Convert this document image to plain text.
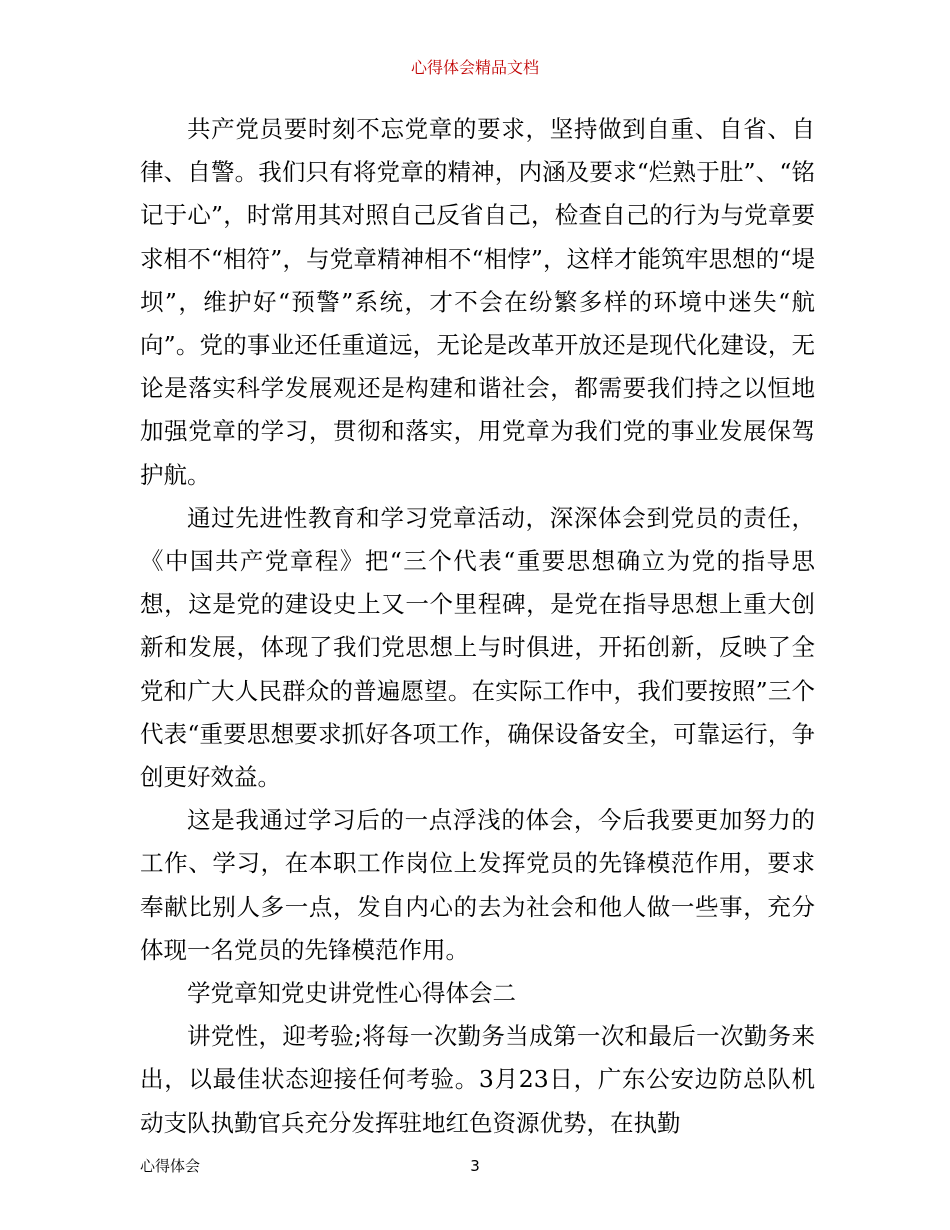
心得体会精品文档

共产党员要时刻不忘党章的要求，坚持做到自重、自省、自律、自警。我们只有将党章的精神，内涵及要求“烂熟于肚”、“铭记于心”，时常用其对照自己反省自己，检查自己的行为与党章要求相不“相符”，与党章精神相不“相悖”，这样才能筑牢思想的“堤坝”，维护好“预警”系统，才不会在纷繁多样的环境中迷失“航向”。党的事业还任重道远，无论是改革开放还是现代化建设，无论是落实科学发展观还是构建和谐社会，都需要我们持之以恒地加强党章的学习，贯彻和落实，用党章为我们党的事业发展保驾护航。

通过先进性教育和学习党章活动，深深体会到党员的责任，《中国共产党章程》把“三个代表“重要思想确立为党的指导思想，这是党的建设史上又一个里程碑，是党在指导思想上重大创新和发展，体现了我们党思想上与时俱进，开拓创新，反映了全党和广大人民群众的普遍愿望。在实际工作中，我们要按照”三个代表“重要思想要求抓好各项工作，确保设备安全，可靠运行，争创更好效益。

这是我通过学习后的一点浮浅的体会，今后我要更加努力的工作、学习，在本职工作岗位上发挥党员的先锋模范作用，要求奉献比别人多一点，发自内心的去为社会和他人做一些事，充分体现一名党员的先锋模范作用。

学党章知党史讲党性心得体会二

讲党性，迎考验;将每一次勤务当成第一次和最后一次勤务来出，以最佳状态迎接任何考验。3月23日，广东公安边防总队机动支队执勤官兵充分发挥驻地红色资源优势，在执勤

心得体会	3
